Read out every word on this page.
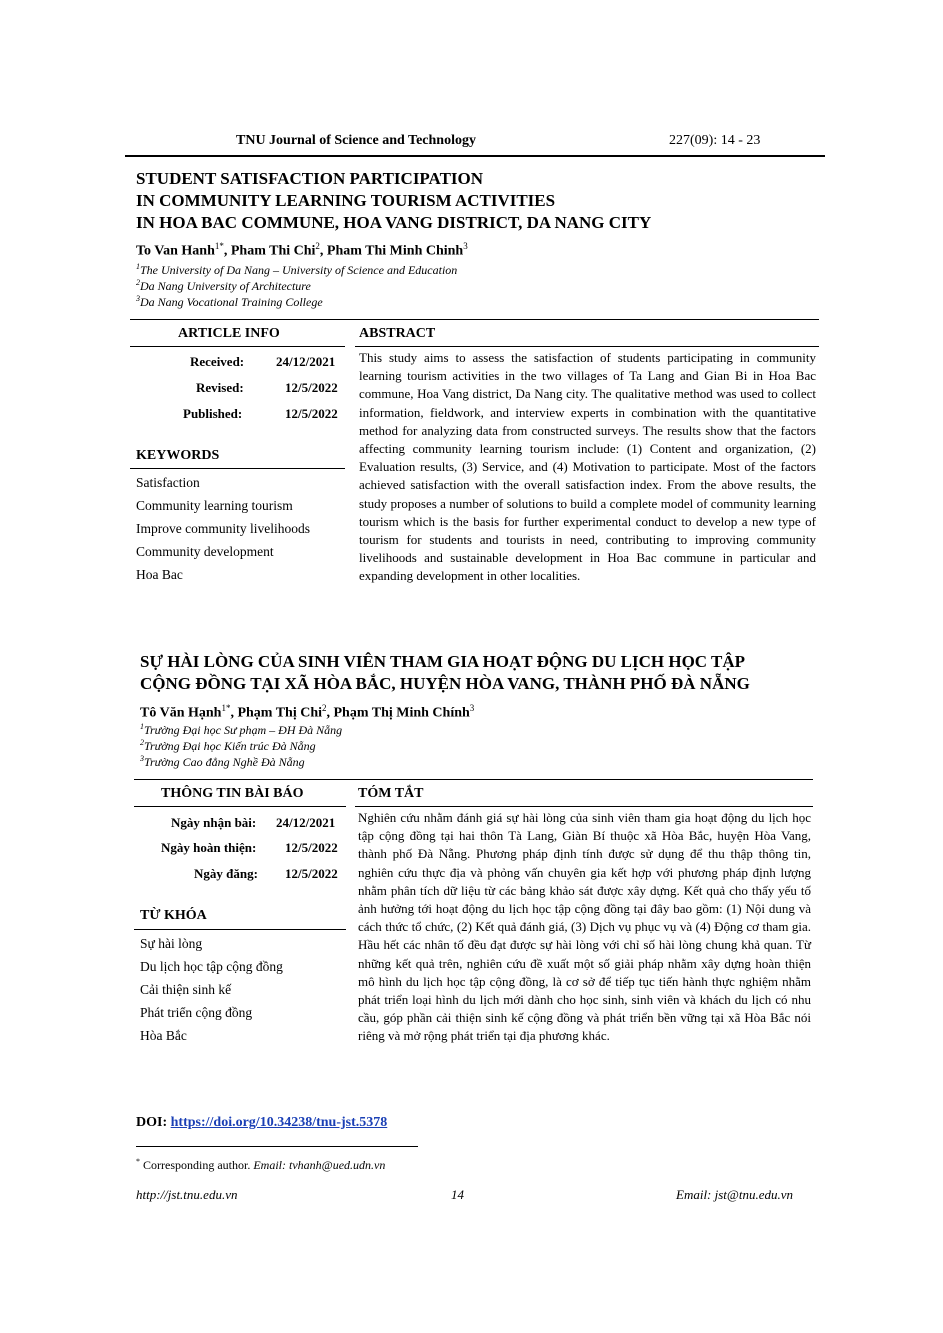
TNU Journal of Science and Technology	227(09): 14 - 23
STUDENT SATISFACTION PARTICIPATION
IN COMMUNITY LEARNING TOURISM ACTIVITIES
IN HOA BAC COMMUNE, HOA VANG DISTRICT, DA NANG CITY
To Van Hanh$^{1*}$, Pham Thi Chi$^2$, Pham Thi Minh Chinh$^3$
$^1$The University of Da Nang – University of Science and Education
$^2$Da Nang University of Architecture
$^3$Da Nang Vocational Training College
ARTICLE INFO	ABSTRACT
Received: 24/12/2021
Revised:	12/5/2022
Published:	12/5/2022
KEYWORDS
Satisfaction
Community learning tourism
Improve community livelihoods
Community development
Hoa Bac
This study aims to assess the satisfaction of students participating in community learning tourism activities in the two villages of Ta Lang and Gian Bi in Hoa Bac commune, Hoa Vang district, Da Nang city. The qualitative method was used to collect information, fieldwork, and interview experts in combination with the quantitative method for analyzing data from constructed surveys. The results show that the factors affecting community learning tourism include: (1) Content and organization, (2) Evaluation results, (3) Service, and (4) Motivation to participate. Most of the factors achieved satisfaction with the overall satisfaction index. From the above results, the study proposes a number of solutions to build a complete model of community learning tourism which is the basis for further experimental conduct to develop a new type of tourism for students and tourists in need, contributing to improving community livelihoods and sustainable development in Hoa Bac commune in particular and expanding development in other localities.
SỰ HÀI LÒNG CỦA SINH VIÊN THAM GIA HOẠT ĐỘNG DU LỊCH HỌC TẬP
CỘNG ĐỒNG TẠI XÃ HÒA BẮC, HUYỆN HÒA VANG, THÀNH PHỐ ĐÀ NẴNG
Tô Văn Hạnh$^{1*}$, Phạm Thị Chi$^2$, Phạm Thị Minh Chính$^3$
$^1$Trường Đại học Sư phạm – ĐH Đà Nẵng
$^2$Trường Đại học Kiến trúc Đà Nẵng
$^3$Trường Cao đẳng Nghề Đà Nẵng
THÔNG TIN BÀI BÁO	TÓM TẮT
Ngày nhận bài: 24/12/2021
Ngày hoàn thiện: 12/5/2022
Ngày đăng: 12/5/2022
TỪ KHÓA
Sự hài lòng
Du lịch học tập cộng đồng
Cải thiện sinh kế
Phát triển cộng đồng
Hòa Bắc
Nghiên cứu nhằm đánh giá sự hài lòng của sinh viên tham gia hoạt động du lịch học tập cộng đồng tại hai thôn Tà Lang, Giàn Bí thuộc xã Hòa Bắc, huyện Hòa Vang, thành phố Đà Nẵng. Phương pháp định tính được sử dụng để thu thập thông tin, nghiên cứu thực địa và phỏng vấn chuyên gia kết hợp với phương pháp định lượng nhằm phân tích dữ liệu từ các bảng khảo sát được xây dựng. Kết quả cho thấy yếu tố ảnh hưởng tới hoạt động du lịch học tập cộng đồng tại đây bao gồm: (1) Nội dung và cách thức tổ chức, (2) Kết quả đánh giá, (3) Dịch vụ phục vụ và (4) Động cơ tham gia. Hầu hết các nhân tố đều đạt được sự hài lòng với chỉ số hài lòng chung khả quan. Từ những kết quả trên, nghiên cứu đề xuất một số giải pháp nhằm xây dựng hoàn thiện mô hình du lịch học tập cộng đồng, là cơ sở để tiếp tục tiến hành thực nghiệm nhằm phát triển loại hình du lịch mới dành cho học sinh, sinh viên và khách du lịch có nhu cầu, góp phần cải thiện sinh kế cộng đồng và phát triển bền vững tại xã Hòa Bắc nói riêng và mở rộng phát triển tại địa phương khác.
DOI: https://doi.org/10.34238/tnu-jst.5378
* Corresponding author. Email: tvhanh@ued.udn.vn
http://jst.tnu.edu.vn	14	Email: jst@tnu.edu.vn
